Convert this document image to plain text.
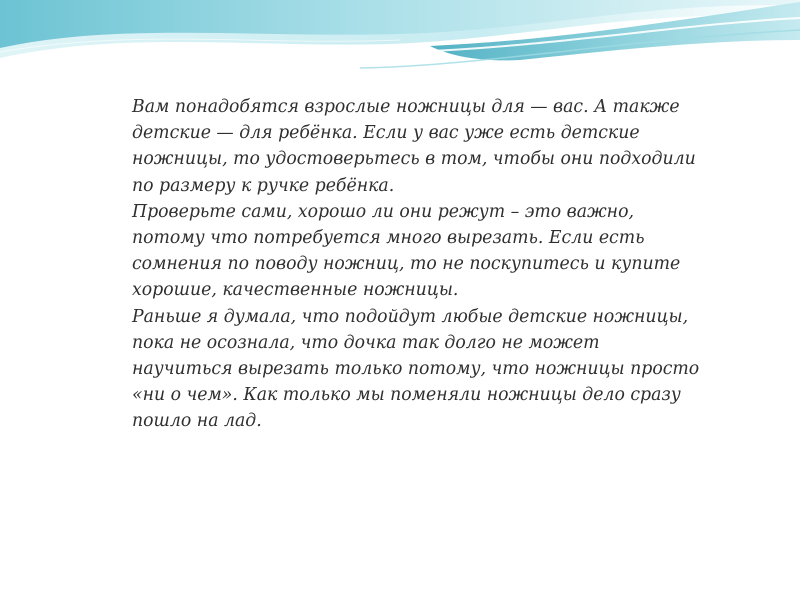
Вам понадобятся взрослые ножницы для — вас. А также
детские — для ребёнка. Если у вас уже есть детские
ножницы, то удостоверьтесь в том, чтобы они подходили
по размеру к ручке ребёнка.

Проверьте сами, хорошо ли они режут – это важно,
потому что потребуется много вырезать. Если есть
сомнения по поводу ножниц, то не поскупитесь и купите
хорошие, качественные ножницы.

Раньше я думала, что подойдут любые детские ножницы,
пока не осознала, что дочка так долго не может
научиться вырезать только потому, что ножницы просто
«ни о чем». Как только мы поменяли ножницы дело сразу
пошло на лад.
